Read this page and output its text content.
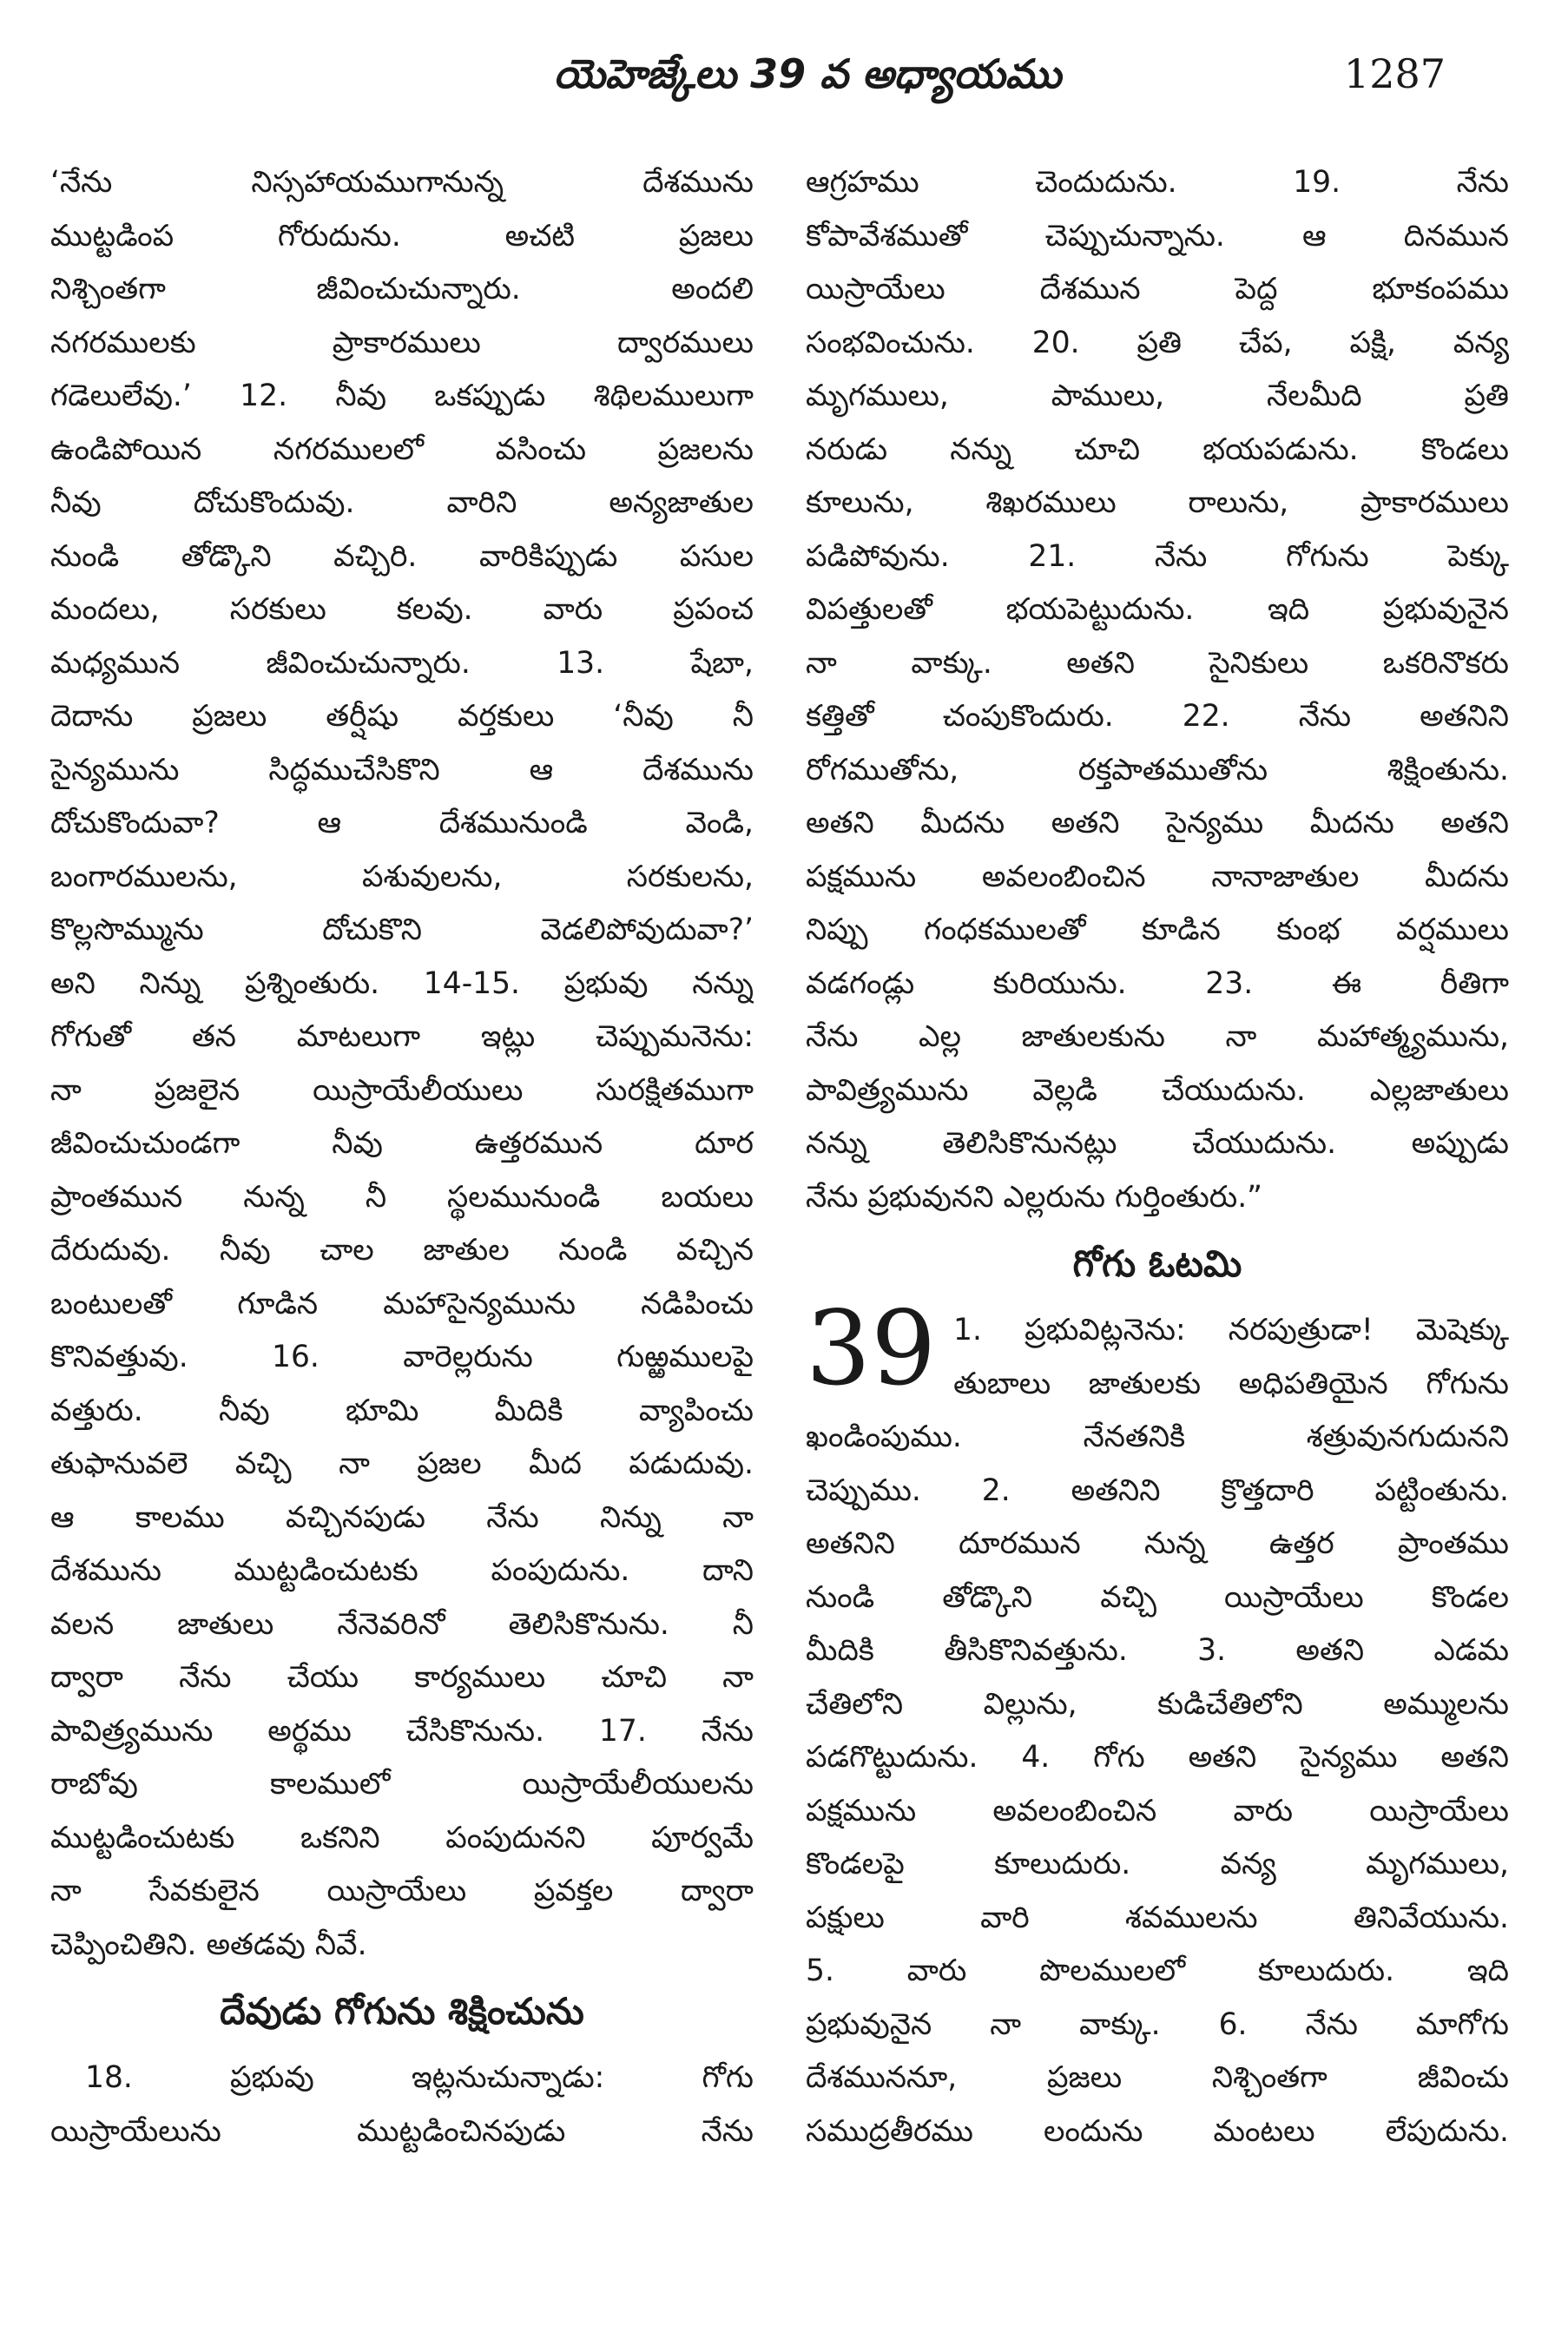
యెహెజ్కేలు 39 వ అధ్యాయము	1287
‘నేను నిస్సహాయముగానున్న దేశమును
ముట్టడింప గోరుదును. అచటి ప్రజలు
నిశ్చింతగా జీవించుచున్నారు. అందలి
నగరములకు ప్రాకారములు ద్వారములు
గడెలులేవు.’ 12. నీవు ఒకప్పుడు శిథిలములుగా
ఉండిపోయిన నగరములలో వసించు ప్రజలను
నీవు దోచుకొందువు. వారిని అన్యజాతుల
నుండి తోడ్కొని వచ్చిరి. వారికిప్పుడు పసుల
మందలు, సరకులు కలవు. వారు ప్రపంచ
మధ్యమున జీవించుచున్నారు. 13. షేబా,
దెదాను ప్రజలు తర్షీషు వర్తకులు ‘నీవు నీ
సైన్యమును సిద్ధముచేసికొని ఆ దేశమును
దోచుకొందువా? ఆ దేశమునుండి వెండి,
బంగారములను, పశువులను, సరకులను,
కొల్లసొమ్మును దోచుకొని వెడలిపోవుదువా?’
అని నిన్ను ప్రశ్నింతురు. 14-15. ప్రభువు నన్ను
గోగుతో తన మాటలుగా ఇట్లు చెప్పుమనెను:
నా ప్రజలైన యిస్రాయేలీయులు సురక్షితముగా
జీవించుచుండగా నీవు ఉత్తరమున దూర
ప్రాంతమున నున్న నీ స్థలమునుండి బయలు
దేరుదువు. నీవు చాల జాతుల నుండి వచ్చిన
బంటులతో గూడిన మహాసైన్యమును నడిపించు
కొనివత్తువు. 16. వారెల్లరును గుఱ్ఱములపై
వత్తురు. నీవు భూమి మీదికి వ్యాపించు
తుఫానువలె వచ్చి నా ప్రజల మీద పడుదువు.
ఆ కాలము వచ్చినపుడు నేను నిన్ను నా
దేశమును ముట్టడించుటకు పంపుదును. దాని
వలన జాతులు నేనెవరినో తెలిసికొనును. నీ
ద్వారా నేను చేయు కార్యములు చూచి నా
పావిత్ర్యమును అర్థము చేసికొనును. 17. నేను
రాబోవు కాలములో యిస్రాయేలీయులను
ముట్టడించుటకు ఒకనిని పంపుదునని పూర్వమే
నా సేవకులైన యిస్రాయేలు ప్రవక్తల ద్వారా
చెప్పించితిని. అతడవు నీవే.
దేవుడు గోగును శిక్షించును
18. ప్రభువు ఇట్లనుచున్నాడు: గోగు
యిస్రాయేలును ముట్టడించినపుడు నేను
ఆగ్రహము చెందుదును. 19. నేను
కోపావేశముతో చెప్పుచున్నాను. ఆ దినమున
యిస్రాయేలు దేశమున పెద్ద భూకంపము
సంభవించును. 20. ప్రతి చేప, పక్షి, వన్య
మృగములు, పాములు, నేలమీది ప్రతి
నరుడు నన్ను చూచి భయపడును. కొండలు
కూలును, శిఖరములు రాలును, ప్రాకారములు
పడిపోవును. 21. నేను గోగును పెక్కు
విపత్తులతో భయపెట్టుదును. ఇది ప్రభువునైన
నా వాక్కు. అతని సైనికులు ఒకరినొకరు
కత్తితో చంపుకొందురు. 22. నేను అతనిని
రోగముతోను, రక్తపాతముతోను శిక్షింతును.
అతని మీదను అతని సైన్యము మీదను అతని
పక్షమును అవలంబించిన నానాజాతుల మీదను
నిప్పు గంధకములతో కూడిన కుంభ వర్షములు
వడగండ్లు కురియును. 23. ఈ రీతిగా
నేను ఎల్ల జాతులకును నా మహాత్మ్యమును,
పావిత్ర్యమును వెల్లడి చేయుదును. ఎల్లజాతులు
నన్ను తెలిసికొనునట్లు చేయుదును. అప్పుడు
నేను ప్రభువునని ఎల్లరును గుర్తింతురు.”
గోగు ఓటమి
39 1. ప్రభువిట్లనెను: నరపుత్రుడా! మెషెక్కు
తుబాలు జాతులకు అధిపతియైన గోగును
ఖండింపుము. నేనతనికి శత్రువునగుదునని
చెప్పుము. 2. అతనిని క్రొత్తదారి పట్టింతును.
అతనిని దూరమున నున్న ఉత్తర ప్రాంతము
నుండి తోడ్కొని వచ్చి యిస్రాయేలు కొండల
మీదికి తీసికొనివత్తును. 3. అతని ఎడమ
చేతిలోని విల్లును, కుడిచేతిలోని అమ్ములను
పడగొట్టుదును. 4. గోగు అతని సైన్యము అతని
పక్షమును అవలంబించిన వారు యిస్రాయేలు
కొండలపై కూలుదురు. వన్య మృగములు,
పక్షులు వారి శవములను తినివేయును.
5. వారు పొలములలో కూలుదురు. ఇది
ప్రభువునైన నా వాక్కు. 6. నేను మాగోగు
దేశముననూ, ప్రజలు నిశ్చింతగా జీవించు
సముద్రతీరము లందును మంటలు లేపుదును.
